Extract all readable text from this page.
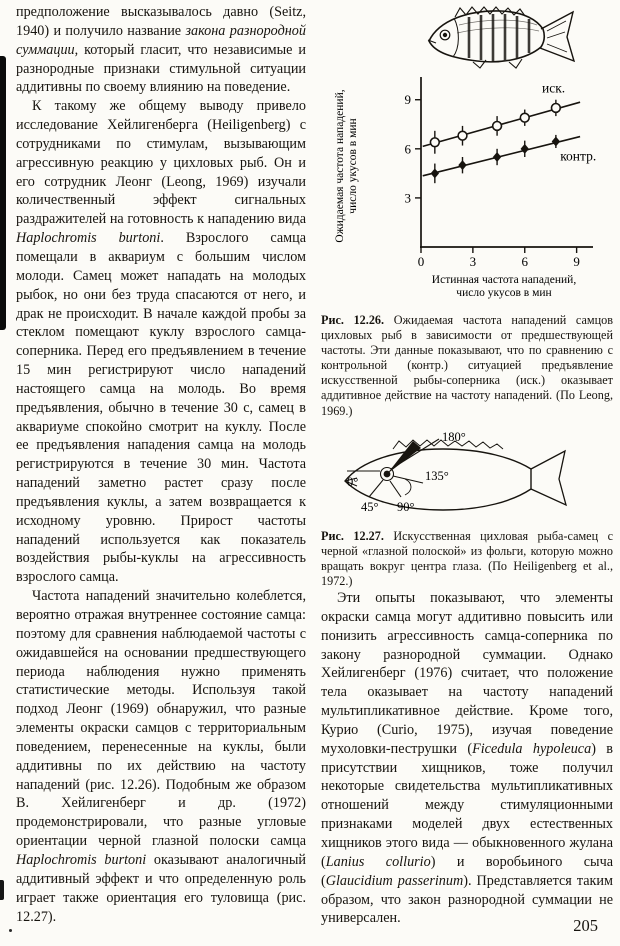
предположение высказывалось давно (Seitz, 1940) и получило название закона разнородной суммации, который гласит, что независимые и разнородные признаки стимульной ситуации аддитивны по своему влиянию на поведение.

К такому же общему выводу привело исследование Хейлигенберга (Heiligenberg) с сотрудниками по стимулам, вызывающим агрессивную реакцию у цихловых рыб. Он и его сотрудник Леонг (Leong, 1969) изучали количественный эффект сигнальных раздражителей на готовность к нападению вида Haplochromis burtoni. Взрослого самца помещали в аквариум с большим числом молоди. Самец может нападать на молодых рыбок, но они без труда спасаются от него, и драк не происходит. В начале каждой пробы за стеклом помещают куклу взрослого самца-соперника. Перед его предъявлением в течение 15 мин регистрируют число нападений настоящего самца на молодь. Во время предъявления, обычно в течение 30 с, самец в аквариуме спокойно смотрит на куклу. После ее предъявления нападения самца на молодь регистрируются в течение 30 мин. Частота нападений заметно растет сразу после предъявления куклы, а затем возвращается к исходному уровню. Прирост частоты нападений используется как показатель воздействия рыбы-куклы на агрессивность взрослого самца.

Частота нападений значительно колеблется, вероятно отражая внутреннее состояние самца: поэтому для сравнения наблюдаемой частоты с ожидавшейся на основании предшествующего периода наблюдения нужно применять статистические методы. Используя такой подход Леонг (1969) обнаружил, что разные элементы окраски самцов с территориальным поведением, перенесенные на куклы, были аддитивны по их действию на частоту нападений (рис. 12.26). Подобным же образом В. Хейлигенберг и др. (1972) продемонстрировали, что разные угловые ориентации черной глазной полоски самца Haplochromis burtoni оказывают аналогичный аддитивный эффект и что определенную роль играет также ориентация его туловища (рис. 12.27).

3
6
9
0	3	6	9
иск.
контр.
Ожидаемая частота нападений,число укусов в мин
Истинная частота нападений, число укусов в мин
Рис. 12.26. Ожидаемая частота нападений самцов цихловых рыб в зависимости от предшествующей частоты. Эти данные показывают, что по сравнению с контрольной (контр.) ситуацией предъявление искусственной рыбы-соперника (иск.) оказывает аддитивное действие на частоту нападений. (По Leong, 1969.)
180°
0°	135°
45° 90°
Рис. 12.27. Искусственная цихловая рыба-самец с черной «глазной полоской» из фольги, которую можно вращать вокруг центра глаза. (По Heiligenberg et al., 1972.)

Эти опыты показывают, что элементы окраски самца могут аддитивно повысить или понизить агрессивность самца-соперника по закону разнородной суммации. Однако Хейлигенберг (1976) считает, что положение тела оказывает на частоту нападений мультипликативное действие. Кроме того, Курио (Curio, 1975), изучая поведение мухоловки-пеструшки (Ficedula hypoleuca) в присутствии хищников, тоже получил некоторые свидетельства мультипликативных отношений между стимуляционными признаками моделей двух естественных хищников этого вида — обыкновенного жулана (Lanius collurio) и воробьиного сыча (Glaucidium passerinum). Представляется таким образом, что закон разнородной суммации не универсален.	205
